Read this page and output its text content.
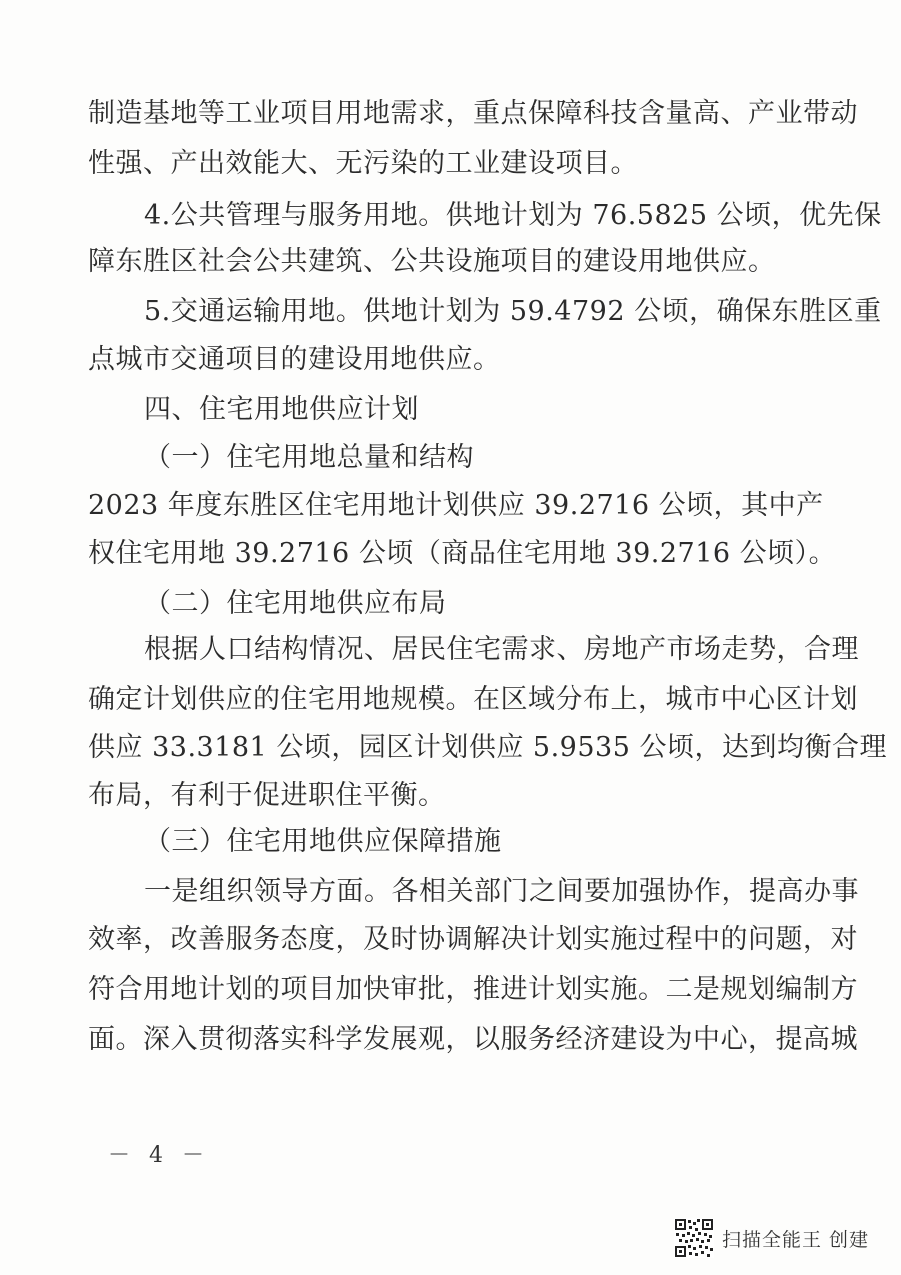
制造基地等工业项目用地需求，重点保障科技含量高、产业带动
性强、产出效能大、无污染的工业建设项目。
4.公共管理与服务用地。供地计划为 76.5825 公顷，优先保
障东胜区社会公共建筑、公共设施项目的建设用地供应。
5.交通运输用地。供地计划为 59.4792 公顷，确保东胜区重
点城市交通项目的建设用地供应。
四、住宅用地供应计划
（一）住宅用地总量和结构
2023 年度东胜区住宅用地计划供应 39.2716 公顷，其中产
权住宅用地 39.2716 公顷（商品住宅用地 39.2716 公顷）。
（二）住宅用地供应布局
根据人口结构情况、居民住宅需求、房地产市场走势，合理
确定计划供应的住宅用地规模。在区域分布上，城市中心区计划
供应 33.3181 公顷，园区计划供应 5.9535 公顷，达到均衡合理
布局，有利于促进职住平衡。
（三）住宅用地供应保障措施
一是组织领导方面。各相关部门之间要加强协作，提高办事
效率，改善服务态度，及时协调解决计划实施过程中的问题，对
符合用地计划的项目加快审批，推进计划实施。二是规划编制方
面。深入贯彻落实科学发展观，以服务经济建设为中心，提高城
－ 4 －
扫描全能王 创建
